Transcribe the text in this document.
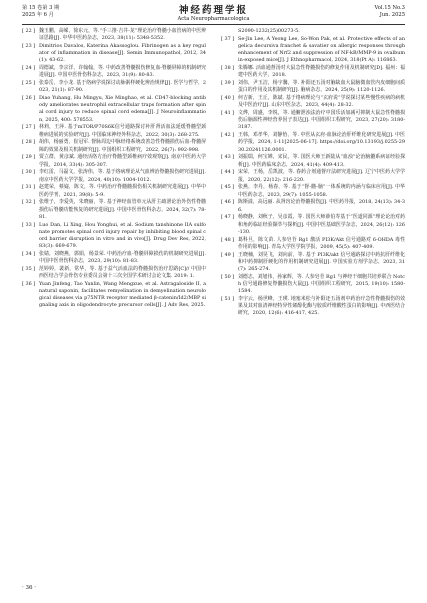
第 15 卷第 3 期
2025 年 6 月	神经药理学报
Acta Neuropharmacologica
Vol.15 No.3
Jun. 2025
[ 22 ] 魏玉鹏，高嵘，徐东元，等.“手三推·吉井-龙”理论治疗脊髓小血管病的中医辨证思路[J]. 中华中医药杂志，2023, 38(11): 5348-5352.
[ 23 ] Dimitrios Davalos, Katerina Akassoglou. Fibrinogen as a key regulator of inflammation in disease[J]. Semin Immunopathol, 2012, 34(1): 43-62.
[ 24 ] 周德斌，李宗洋，许翰翰，等. 中药改善脊髓损伤修复血-脊髓屏障的机制研究进展[J]. 中国中医骨伤科杂志，2023, 31(9): 80-83.
[ 25 ] 张泰岳，李小龙. 基于络病学说探讨动脉粥样硬化辨治规律[J]. 医学与哲学，2023, 21(1): 87-90.
[ 26 ] Diao Yuhang, Hu Mingyu, Xie Minghao, et al. CD47-blocking antibody ameliorates neutrophil extracellular traps formation after spinal cord injury to reduce spinal cord edema[J]. J Neuroinflammation, 2025, 400: 578553.
[ 27 ] 林莉，王萍. 基于mTOR/P70S6K信号通路探讨补肝肾活血法延缓脊髓型颈椎病进展的实验研究[J]. 中国临床神经外科杂志，2022, 30(3): 268-275.
[ 28 ] 胡伟，杨丽勇，崔冠军. 督脉周边中脉经络系统改善急性脊髓损伤后血-脊髓屏障的效果及相关机制研究[J]. 中国组织工程研究，2022, 26(7): 992-998.
[ 29 ] 贾立群，黄彦斌. 通经活络方治疗脊髓型颈椎病疗效观察[J]. 南京中医药大学学报，2014, 33(4): 305-307.
[ 30 ] 李红雷，马磊文，张涛伟，等. 基于络病理论从气血辨治脊髓损伤研究进展[J]. 南京中医药大学学报，2024, 40(10): 1004-1012.
[ 31 ] 赵建荣，蔡嶷，陈文，等. 中药治疗脊髓髓损伤相关机制研究进展[J]. 中华中医药学刊，2021, 39(8): 5-9.
[ 32 ] 张维子，李爱英，朱晓丽，等. 基于神经血管单元从肝主疏泄论治外伤性脊髓损伤后脊髓功能恢复的研究进展[J]. 中国中医骨伤科杂志，2024, 32(7): 78-81.
[ 33 ] Luo Dan, Li Xing, Hou Yonghui, et al. Sodium tanshinone IIA sulfonate promotes spinal cord injury repair by inhibiting blood spinal cord barrier disruption in vitro and in vivo[J]. Drug Dev Res, 2022, 83(3): 669-679.
[ 34 ] 张婧，刘晓燕，郭娟，杨景荣. 中药治疗血-脊髓屏障损伤的机制研究进展[J]. 中国中医骨伤科杂志，2023, 29(10): 81-83.
[ 35 ] 范婷婷，裴新，常华，等. 基于益气活血法的脊髓损伤治疗思路[C]// 中国中西医结合学会骨伤专业委员会第十三次全国学术研讨会论文集. 2019: 1.
[ 36 ] Yuan Jinfeng, Tao Yanlin, Wang Mengxue, et al. Astragaloside II, a natural saponin, facilitates remyelination in demyelination neurological diseases via p75NTR receptor mediated β-catenin/Id2/MBP signaling axis in oligodendrocyte precursor cells[J]. J Adv Res, 2025.
S2090-1232(25)00273-5.
[ 37 ] Se-Jin Lee, A Yeong Lee, So-Won Pak, et al. Protective effects of angelica decursiva franchet & savatier on allergic responses through enhancement of Nrf2 and suppression of NF-kB/MMP-9 in ovalbumin-exposed mice[J]. J Ethnopharmacol, 2024, 318(Pt A): 116863.
[ 38 ] 朱腾娜. 活血通督汤对大鼠急性脊髓损伤的修复作用及机制研究[D]. 福州：福建中医药大学，2018.
[ 39 ] 刘伟，尹玉洁，杨宇馨，等. 补阳还五汤对脑缺血大鼠脑微血管内皮细胞间质蛋白的作用及其机制研究[J]. 脑病杂志，2024, 25(9): 1120-1126.
[ 40 ] 何吉新，王丘，陈斌. 基于络病理论与“玄府说”学说探讨某些慢性疾病的病机及中医治疗[J]. 山东中医杂志，2023, 44(4): 28-32.
[ 41 ] 文烨，周盛，李锐，等. 通腑泄浊法治疗中国乐活加减可抑制大鼠急性脊髓损伤后脑源性神经营养因子表达[J]. 中国组织工程研究，2023, 27(20): 3180-3187.
[ 42 ] 王韩，邓孝华，刘静怡，等. 中医从玄府-血脉论治肝纤维化研究进展[J]. 中医药学报，2024, 1-11[2025-06-17]. https://doi.org/10.13193/j.0255-2930.20241126.0001.
[ 43 ] 刘振瑞，何宝婵，宋民，等. 国医大师王新陆从“血浊”论治脑髓系病证经验探析[J]. 中医药临床杂志，2024, 41(4): 409-413.
[ 44 ] 宋荣，王杨，岳凯波，等. 春药合剂通督疗法研究进展[J]. 辽宁中医药大学学报，2020, 22(12): 216-220.
[ 45 ] 张燕，李丹，杨春，等. 基于“督-髓-脑”一体系统的内涵与临床应用[J]. 中华中医药杂志，2023, 29(7): 1055-1058.
[ 46 ] 陈斯溢，高远丽. 从肾窍论治脊髓损伤[J]. 中医药导报，2018, 24(13): 34-36.
[ 47 ] 杨晓静，刘秋子，吴彦霞，等. 国医大师薛伯寿基于“医道同源”理论论治对药和角药临证经验撷萃与探析[J]. 中国中医基础医学杂志，2024, 26(12): 126-130.
[ 48 ] 葛科旦，陈文苗. 人参皂苷 Rg1 激活 PI3K/Akt 信号通路对 6-OHDA 毒性作用的影响[J]. 青岛大学医学院学报，2009, 45(5): 407-409.
[ 49 ] 王晓楠，刘昊飞，刘向前，等. 基于 PI3K/akt 信号通路探讨中药抗肝纤维化和中药抑制肝硬化的作用机制研究进展[J]. 中国实验方剂学杂志，2023, 31(7): 265-274.
[ 50 ] 刘德志，刘旭伟，孙家辉，等. 人参皂苷 Rg1 与神经干细胞共培养联合 Notch 信号通路修复脊髓损伤大鼠[J]. 中国组织工程研究，2015, 19(10): 1580-1584.
[ 51 ] 李宇云，杨世峰，王瑛. 地塞米松与补阳还五汤剂中药治疗急性脊髓损伤的效果及其对血清神经特异性烯醇化酶与胶质纤维酸性蛋白的影响[J]. 中西医结合研究，2020, 12(6): 416-417, 425.
· 36 ·
